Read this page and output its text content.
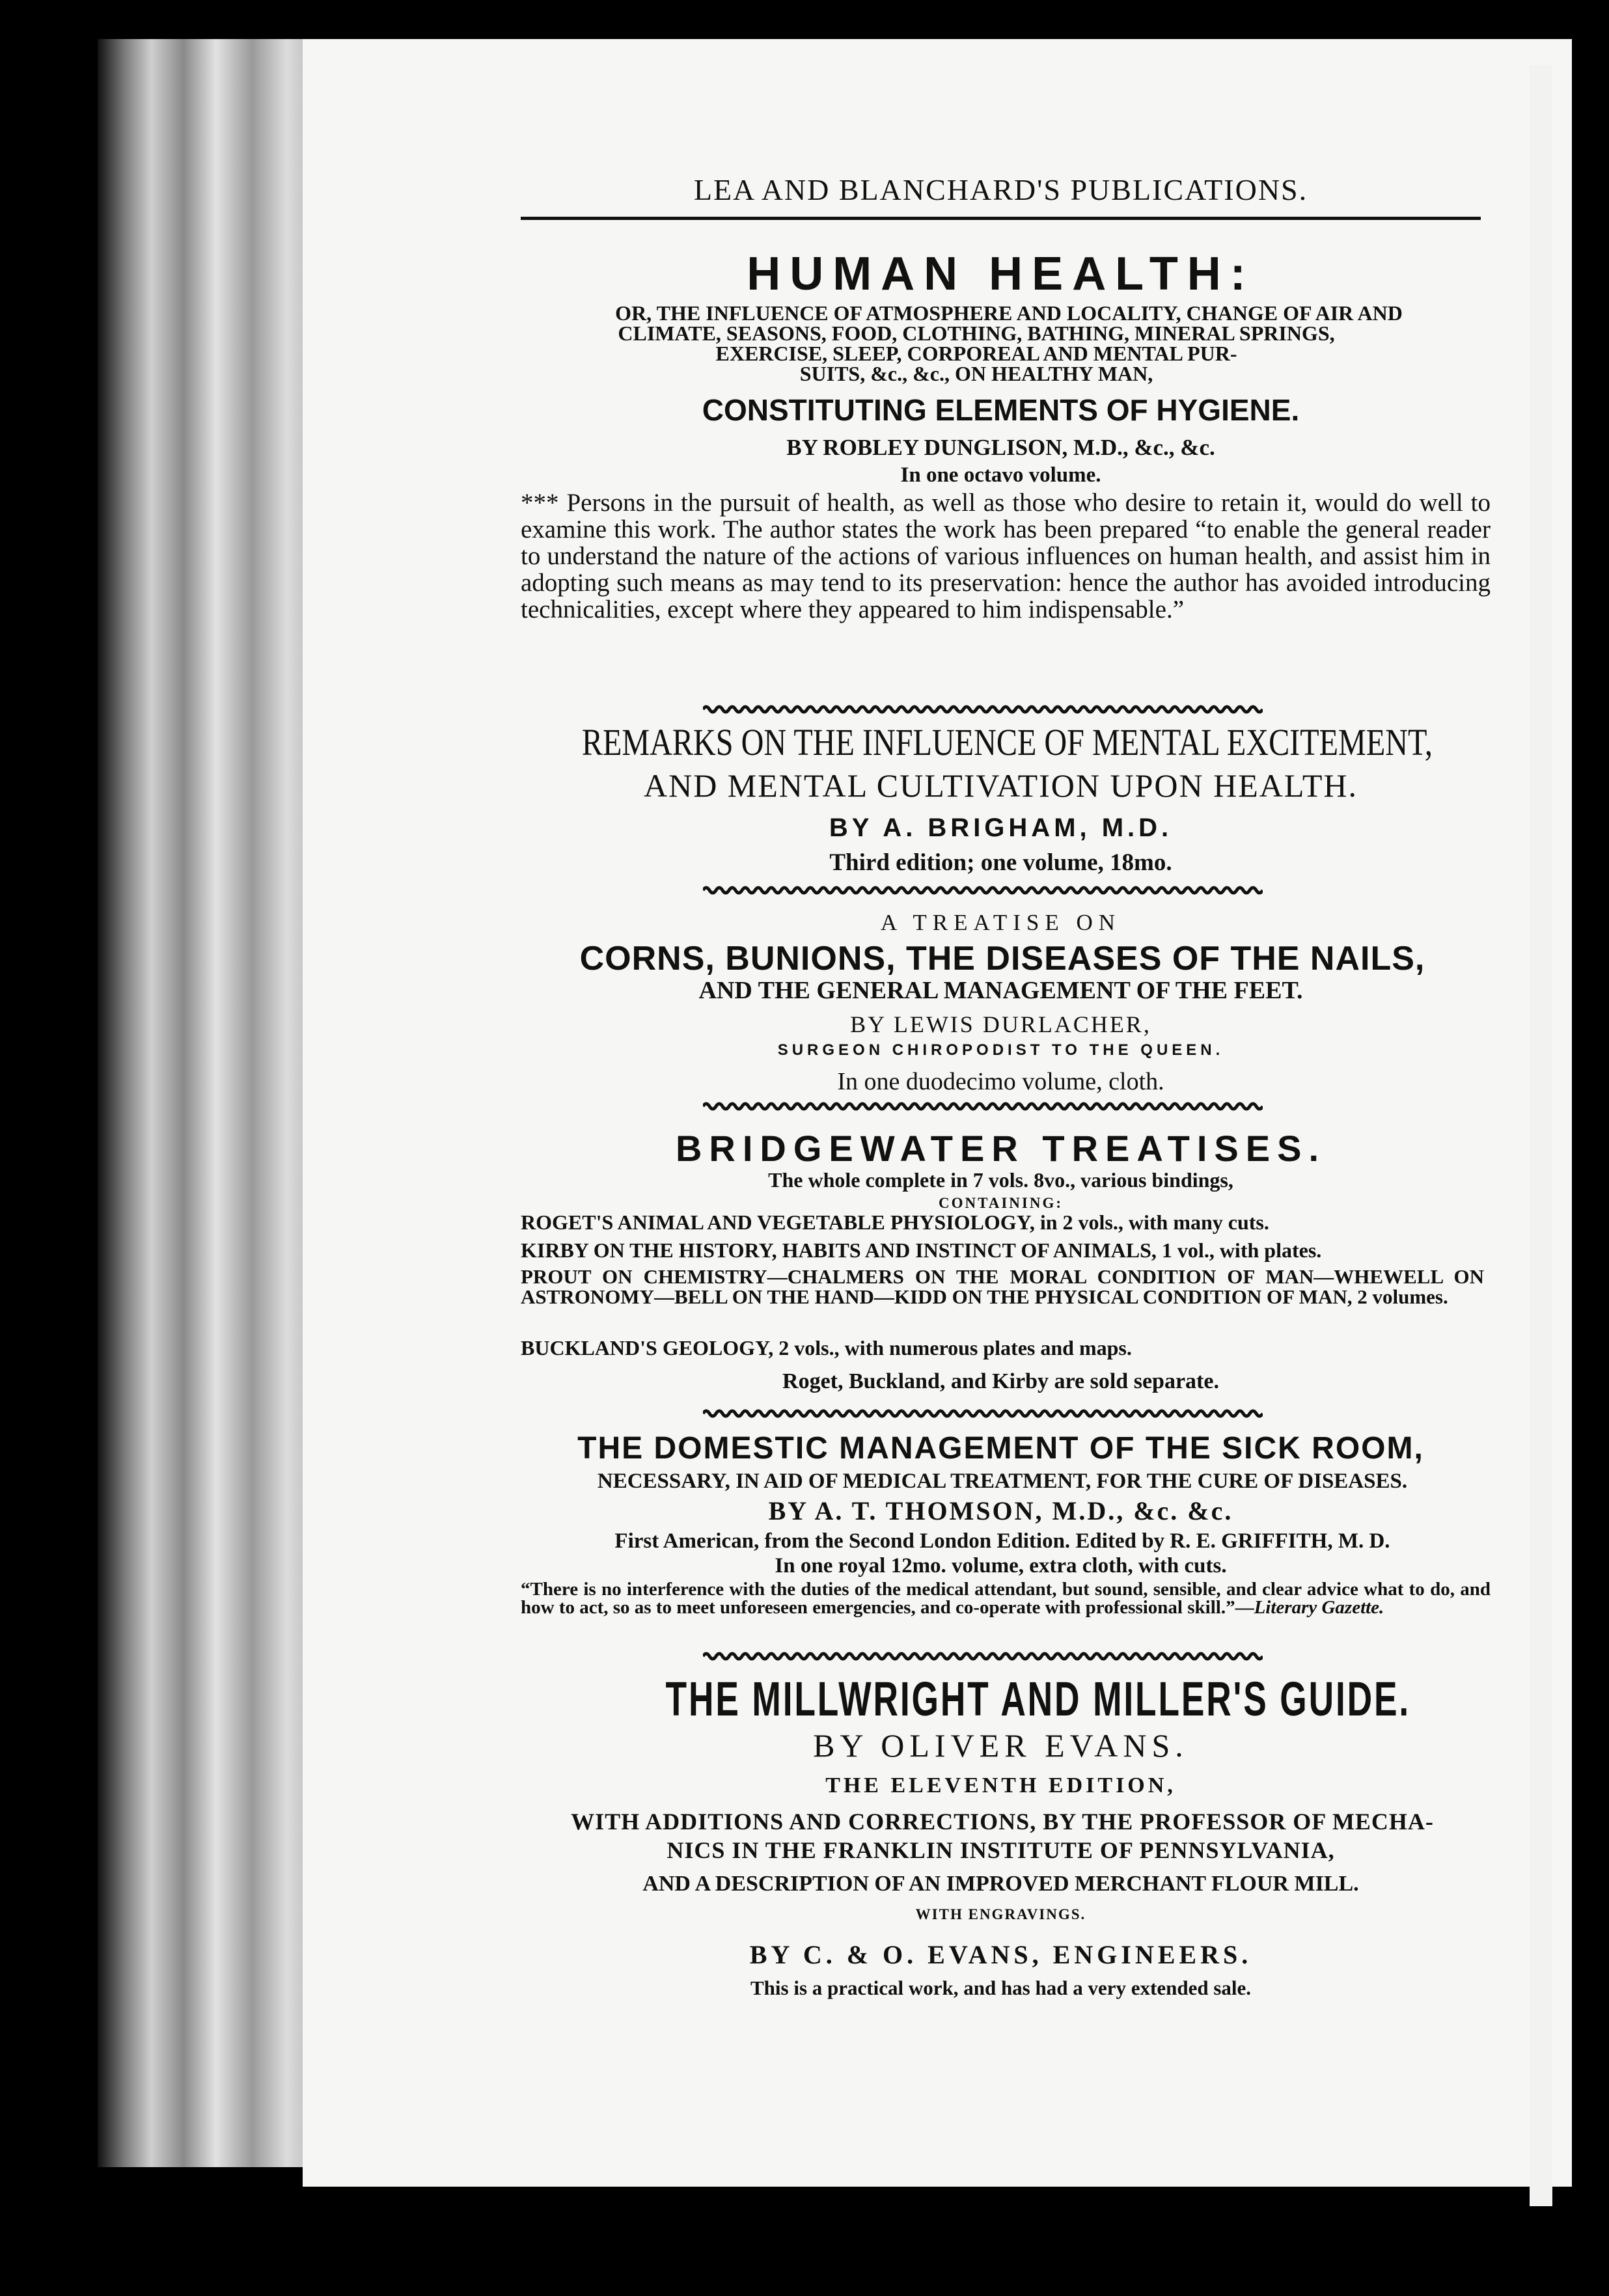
LEA AND BLANCHARD'S PUBLICATIONS.
HUMAN HEALTH:
OR, THE INFLUENCE OF ATMOSPHERE AND LOCALITY, CHANGE OF AIR AND
CLIMATE, SEASONS, FOOD, CLOTHING, BATHING, MINERAL SPRINGS,
EXERCISE, SLEEP, CORPOREAL AND MENTAL PUR-
SUITS, &c., &c., ON HEALTHY MAN,
CONSTITUTING ELEMENTS OF HYGIENE.
BY ROBLEY DUNGLISON, M.D., &c., &c.
In one octavo volume.

*** Persons in the pursuit of health, as well as those who desire to retain it, would do well to examine this work. The author states the work has been prepared “to enable the general reader to understand the nature of the actions of various influences on human health, and assist him in adopting such means as may tend to its preservation: hence the author has avoided introducing technicalities, except where they appeared to him indispensable.”

REMARKS ON THE INFLUENCE OF MENTAL EXCITEMENT,
AND MENTAL CULTIVATION UPON HEALTH.
BY A. BRIGHAM, M.D.
Third edition; one volume, 18mo.
A TREATISE ON
CORNS, BUNIONS, THE DISEASES OF THE NAILS,
AND THE GENERAL MANAGEMENT OF THE FEET.
BY LEWIS DURLACHER,
SURGEON CHIROPODIST TO THE QUEEN.
In one duodecimo volume, cloth.
BRIDGEWATER TREATISES.
The whole complete in 7 vols. 8vo., various bindings,
CONTAINING:

ROGET'S ANIMAL AND VEGETABLE PHYSIOLOGY, in 2 vols., with many cuts.

KIRBY ON THE HISTORY, HABITS AND INSTINCT OF ANIMALS, 1 vol., with plates.

PROUT ON CHEMISTRY—CHALMERS ON THE MORAL CONDITION OF MAN—WHEWELL ON ASTRONOMY—BELL ON THE HAND—KIDD ON THE PHYSICAL CONDITION OF MAN, 2 volumes.

BUCKLAND'S GEOLOGY, 2 vols., with numerous plates and maps.

Roget, Buckland, and Kirby are sold separate.
THE DOMESTIC MANAGEMENT OF THE SICK ROOM,
NECESSARY, IN AID OF MEDICAL TREATMENT, FOR THE CURE OF DISEASES.
BY A. T. THOMSON, M.D., &c. &c.
First American, from the Second London Edition. Edited by R. E. GRIFFITH, M. D.
In one royal 12mo. volume, extra cloth, with cuts.

“There is no interference with the duties of the medical attendant, but sound, sensible, and clear advice what to do, and how to act, so as to meet unforeseen emergencies, and co-operate with professional skill.”—Literary Gazette.

THE MILLWRIGHT AND MILLER'S GUIDE.
BY OLIVER EVANS.
THE ELEVENTH EDITION,
WITH ADDITIONS AND CORRECTIONS, BY THE PROFESSOR OF MECHA-
NICS IN THE FRANKLIN INSTITUTE OF PENNSYLVANIA,
AND A DESCRIPTION OF AN IMPROVED MERCHANT FLOUR MILL.
WITH ENGRAVINGS.
BY C. & O. EVANS, ENGINEERS.
This is a practical work, and has had a very extended sale.
